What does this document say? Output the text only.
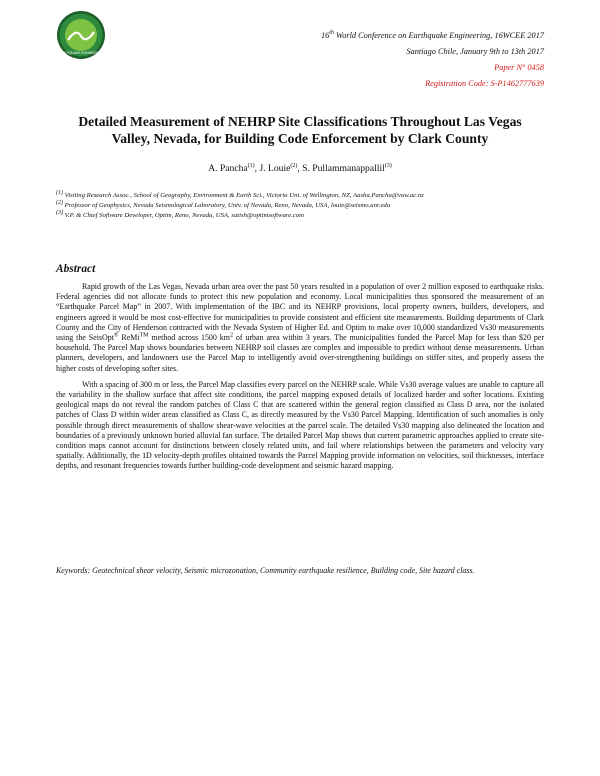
ADVANCED EARTHQUAKE ENGINEERING RESEARCH
16th World Conference on Earthquake Engineering, 16WCEE 2017
Santiago Chile, January 9th to 13th 2017
Paper N° 0458
Registration Code: S-P1462777639
Detailed Measurement of NEHRP Site Classifications Throughout Las Vegas Valley, Nevada, for Building Code Enforcement by Clark County
A. Pancha$^{(1)}$, J. Louie$^{(2)}$, S. Pullammanappallil$^{(3)}$
$^{(1)}$ Visiting Research Assoc., School of Geography, Environment & Earth Sci., Victoria Uni. of Wellington, NZ, Aasha.Pancha@vuw.ac.nz
$^{(2)}$ Professor of Geophysics, Nevada Seismological Laboratory, Univ. of Nevada, Reno, Nevada, USA, louie@seismo.unr.edu
$^{(3)}$ V.P. & Chief Software Developer, Optim, Reno, Nevada, USA, satish@optimsoftware.com
Abstract

Rapid growth of the Las Vegas, Nevada urban area over the past 50 years resulted in a population of over 2 million exposed to earthquake risks. Federal agencies did not allocate funds to protect this new population and economy. Local municipalities thus sponsored the measurement of an “Earthquake Parcel Map” in 2007. With implementation of the IBC and its NEHRP provisions, local property owners, builders, developers, and engineers agreed it would be most cost-effective for municipalities to provide consistent and efficient site measurements. Building departments of Clark County and the City of Henderson contracted with the Nevada System of Higher Ed. and Optim to make over 10,000 standardized Vs30 measurements using the SeisOpt® ReMi™ method across 1500 $km^2$ of urban area within 3 years. The municipalities funded the Parcel Map for less than $20 per household. The Parcel Map shows boundaries between NEHRP soil classes are complex and impossible to predict without dense measurements. Urban planners, developers, and landowners use the Parcel Map to intelligently avoid over-strengthening buildings on stiffer sites, and properly assess the higher costs of developing softer sites.

With a spacing of 300 m or less, the Parcel Map classifies every parcel on the NEHRP scale. While Vs30 average values are unable to capture all the variability in the shallow surface that affect site conditions, the parcel mapping exposed details of localized harder and softer locations. Existing geological maps do not reveal the random patches of Class C that are scattered within the general region classified as Class D area, nor the isolated patches of Class D within wider areas classified as Class C, as directly measured by the Vs30 Parcel Mapping. Identification of such anomalies is only possible through direct measurements of shallow shear-wave velocities at the parcel scale. The detailed Vs30 mapping also delineated the location and boundaries of a previously unknown buried alluvial fan surface. The detailed Parcel Map shows that current parametric approaches applied to create site-condition maps cannot account for distinctions between closely related units, and fail where relationships between the parameters and velocity vary spatially. Additionally, the 1D velocity-depth profiles obtained towards the Parcel Mapping provide information on velocities, soil thicknesses, interface depths, and resonant frequencies towards further building-code development and seismic hazard mapping.

Keywords: Geotechnical shear velocity, Seismic microzonation, Community earthquake resilience, Building code, Site hazard class.
